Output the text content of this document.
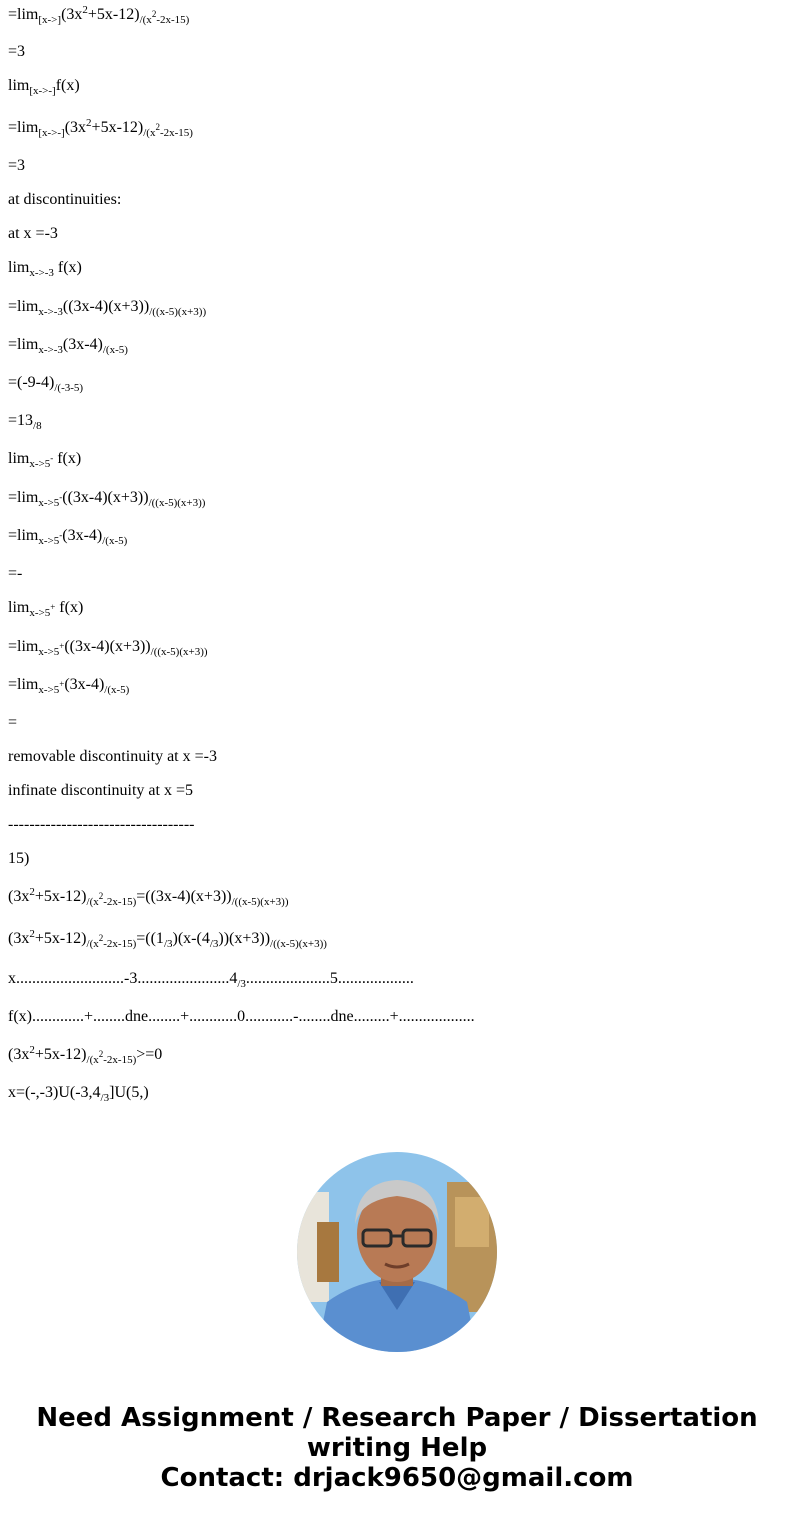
$=\lim_{[x->]}(3x^2+5x-12)_{/(x^2-2x-15)}$
=3
$\lim_{[x->-]}f(x)$
$=\lim_{[x->-]}(3x^2+5x-12)_{/(x^2-2x-15)}$
=3
at discontinuities:
at x =-3
$\lim_{x->-3} f(x)$
$=\lim_{x->-3}((3x-4)(x+3))_{/((x-5)(x+3))}$
$=\lim_{x->-3}(3x-4)_{/(x-5)}$
$=(-9-4)_{/(-3-5)}$
$=13_{/8}$
$\lim_{x->5^-} f(x)$
$=\lim_{x->5^-}((3x-4)(x+3))_{/((x-5)(x+3))}$
$=\lim_{x->5^-}(3x-4)_{/(x-5)}$
=-
$\lim_{x->5^+} f(x)$
$=\lim_{x->5^+}((3x-4)(x+3))_{/((x-5)(x+3))}$
$=\lim_{x->5^+}(3x-4)_{/(x-5)}$
=
removable discontinuity at x =-3
infinate discontinuity at x =5
-----------------------------------
15)
$(3x^2+5x-12)_{/(x^2-2x-15)}=((3x-4)(x+3))_{/((x-5)(x+3))}$
$(3x^2+5x-12)_{/(x^2-2x-15)}=((1_{/3})(x-(4_{/3}))(x+3))_{/((x-5)(x+3))}$
$x...........................-3.......................4_{/3}.....................5$...................
f(x).............+........dne........+............0............-........dne.........+...................
$(3x^2+5x-12)_{/(x^2-2x-15)}>=0$
$x=(-,-3)U(-3,4_{/3}]U(5,)$
Need Assignment / Research Paper / Dissertation
writing Help
Contact: drjack9650@gmail.com
